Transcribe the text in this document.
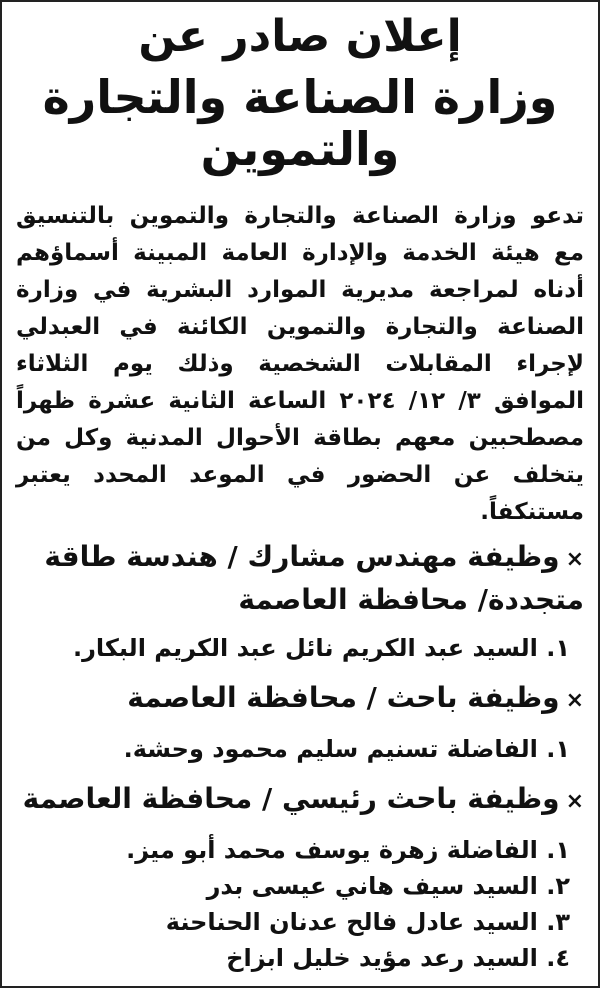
إعلان صادر عن
وزارة الصناعة والتجارة والتموين

تدعو وزارة الصناعة والتجارة والتموين بالتنسيق مع هيئة الخدمة والإدارة العامة المبينة أسماؤهم أدناه لمراجعة مديرية الموارد البشرية في وزارة الصناعة والتجارة والتموين الكائنة في العبدلي لإجراء المقابلات الشخصية وذلك يوم الثلاثاء الموافق ٣/ ١٢/ ٢٠٢٤ الساعة الثانية عشرة ظهراً مصطحبين معهم بطاقة الأحوال المدنية وكل من يتخلف عن الحضور في الموعد المحدد يعتبر مستنكفاً.

×وظيفة مهندس مشارك / هندسة طاقة متجددة/ محافظة العاصمة

١. السيد عبد الكريم نائل عبد الكريم البكار.

×وظيفة باحث / محافظة العاصمة

١. الفاضلة تسنيم سليم محمود وحشة.

×وظيفة باحث رئيسي / محافظة العاصمة

١. الفاضلة زهرة يوسف محمد أبو ميز.
٢. السيد سيف هاني عيسى بدر
٣. السيد عادل فالح عدنان الحناحنة
٤. السيد رعد مؤيد خليل ابزاخ
